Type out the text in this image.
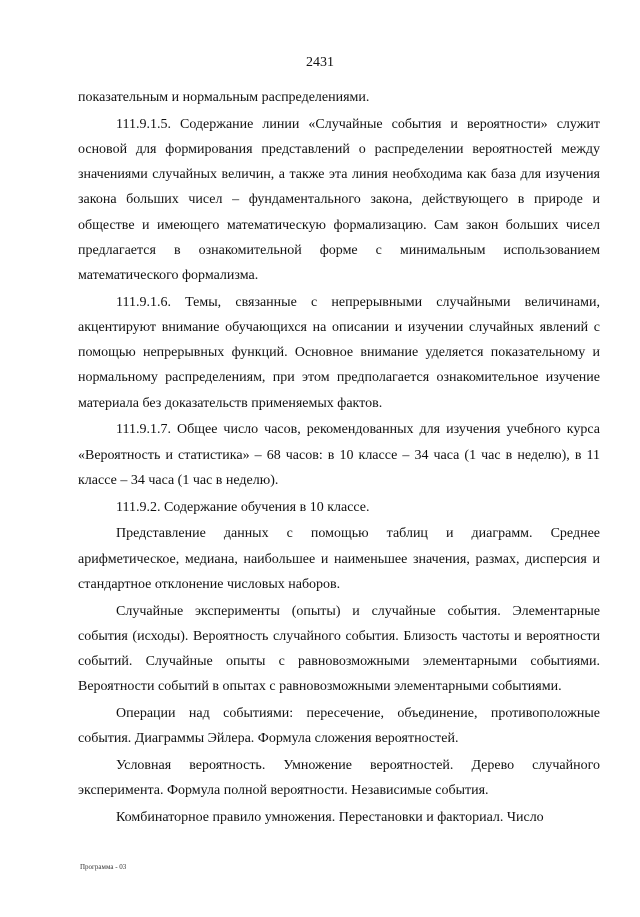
2431

показательным и нормальным распределениями.

111.9.1.5. Содержание линии «Случайные события и вероятности» служит основой для формирования представлений о распределении вероятностей между значениями случайных величин, а также эта линия необходима как база для изучения закона больших чисел – фундаментального закона, действующего в природе и обществе и имеющего математическую формализацию. Сам закон больших чисел предлагается в ознакомительной форме с минимальным использованием математического формализма.

111.9.1.6. Темы, связанные с непрерывными случайными величинами, акцентируют внимание обучающихся на описании и изучении случайных явлений с помощью непрерывных функций. Основное внимание уделяется показательному и нормальному распределениям, при этом предполагается ознакомительное изучение материала без доказательств применяемых фактов.

111.9.1.7. Общее число часов, рекомендованных для изучения учебного курса «Вероятность и статистика» – 68 часов: в 10 классе – 34 часа (1 час в неделю), в 11 классе – 34 часа (1 час в неделю).

111.9.2. Содержание обучения в 10 классе.

Представление данных с помощью таблиц и диаграмм. Среднее арифметическое, медиана, наибольшее и наименьшее значения, размах, дисперсия и стандартное отклонение числовых наборов.

Случайные эксперименты (опыты) и случайные события. Элементарные события (исходы). Вероятность случайного события. Близость частоты и вероятности событий. Случайные опыты с равновозможными элементарными событиями. Вероятности событий в опытах с равновозможными элементарными событиями.

Операции над событиями: пересечение, объединение, противоположные события. Диаграммы Эйлера. Формула сложения вероятностей.

Условная вероятность. Умножение вероятностей. Дерево случайного эксперимента. Формула полной вероятности. Независимые события.

Комбинаторное правило умножения. Перестановки и факториал. Число

Программа - 03
